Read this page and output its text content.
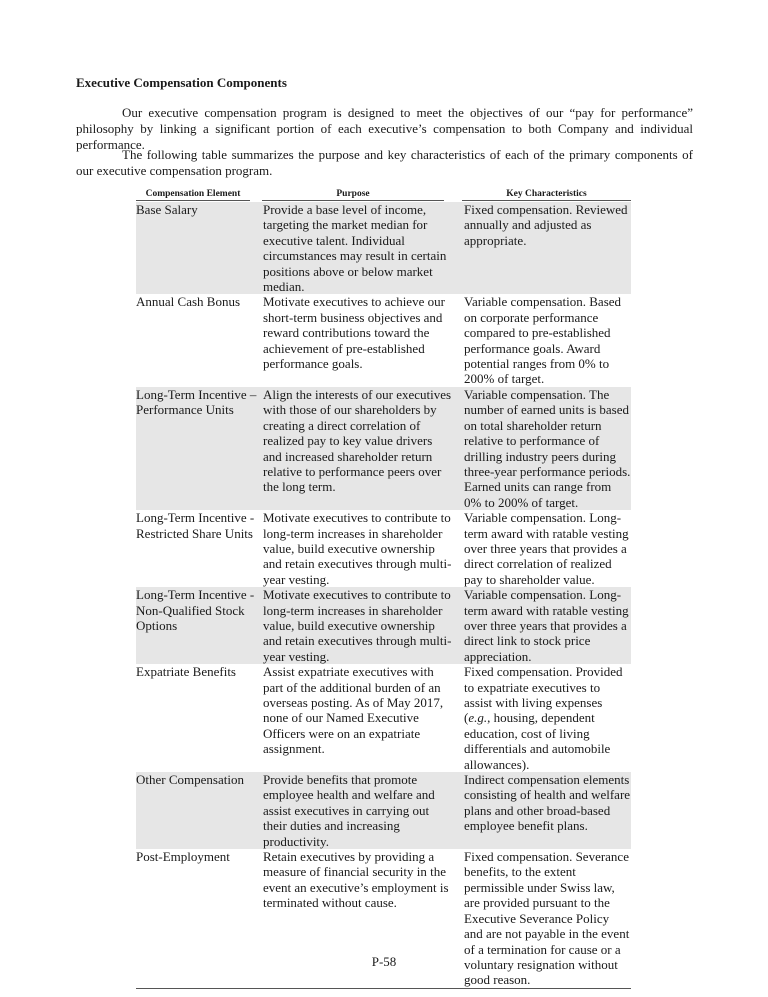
Executive Compensation Components

Our executive compensation program is designed to meet the objectives of our “pay for performance” philosophy by linking a significant portion of each executive’s compensation to both Company and individual performance.

The following table summarizes the purpose and key characteristics of each of the primary components of our executive compensation program.

Compensation Element	Purpose	Key Characteristics

Base Salary	Provide a base level of income, targeting the market median for executive talent. Individual circumstances may result in certain positions above or below market median.	Fixed compensation. Reviewed annually and adjusted as appropriate.
Annual Cash Bonus	Motivate executives to achieve our short-term business objectives and reward contributions toward the achievement of pre-established performance goals.	Variable compensation. Based on corporate performance compared to pre-established performance goals. Award potential ranges from 0% to 200% of target.
Long-Term Incentive – Performance Units	Align the interests of our executives with those of our shareholders by creating a direct correlation of realized pay to key value drivers and increased shareholder return relative to performance peers over the long term.	Variable compensation. The number of earned units is based on total shareholder return relative to performance of drilling industry peers during three-year performance periods. Earned units can range from 0% to 200% of target.
Long-Term Incentive - Restricted Share Units	Motivate executives to contribute to long-term increases in shareholder value, build executive ownership and retain executives through multi-year vesting.	Variable compensation. Long-term award with ratable vesting over three years that provides a direct correlation of realized pay to shareholder value.
Long-Term Incentive - Non-Qualified Stock Options	Motivate executives to contribute to long-term increases in shareholder value, build executive ownership and retain executives through multi-year vesting.	Variable compensation. Long-term award with ratable vesting over three years that provides a direct link to stock price appreciation.
Expatriate Benefits	Assist expatriate executives with part of the additional burden of an overseas posting. As of May 2017, none of our Named Executive Officers were on an expatriate assignment.	Fixed compensation. Provided to expatriate executives to assist with living expenses (e.g., housing, dependent education, cost of living differentials and automobile allowances).
Other Compensation	Provide benefits that promote employee health and welfare and assist executives in carrying out their duties and increasing productivity.	Indirect compensation elements consisting of health and welfare plans and other broad-based employee benefit plans.
Post-Employment	Retain executives by providing a measure of financial security in the event an executive’s employment is terminated without cause.	Fixed compensation. Severance benefits, to the extent permissible under Swiss law, are provided pursuant to the Executive Severance Policy and are not payable in the event of a termination for cause or a voluntary resignation without good reason.
P-58
